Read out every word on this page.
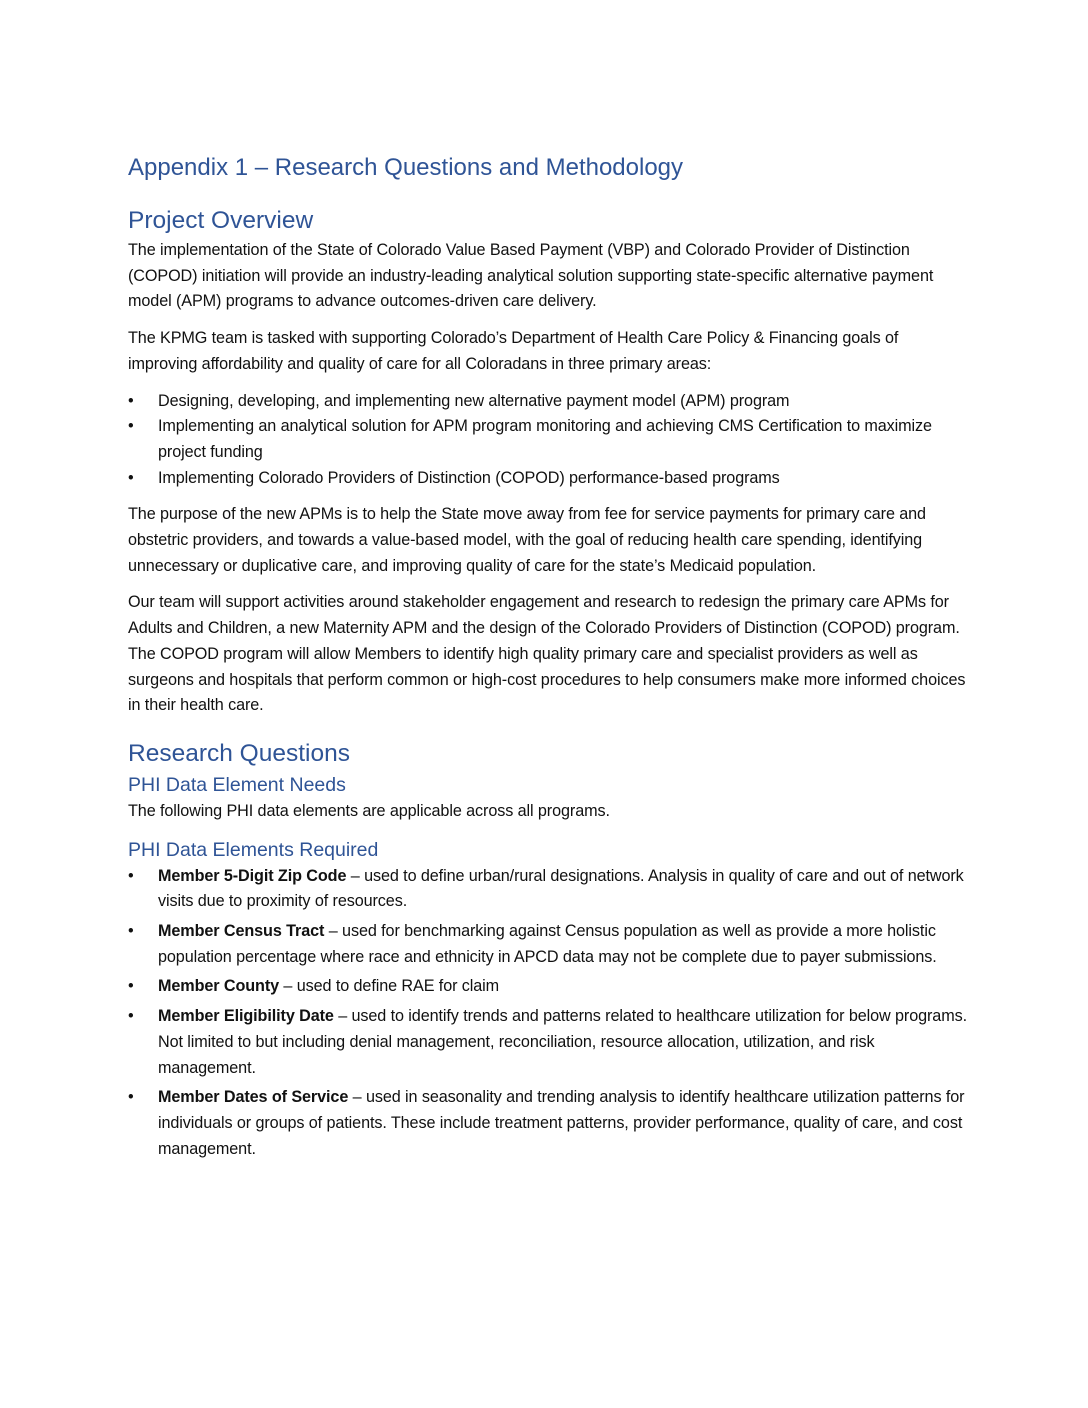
Appendix 1 – Research Questions and Methodology
Project Overview

The implementation of the State of Colorado Value Based Payment (VBP) and Colorado Provider of Distinction (COPOD) initiation will provide an industry-leading analytical solution supporting state-specific alternative payment model (APM) programs to advance outcomes-driven care delivery.

The KPMG team is tasked with supporting Colorado’s Department of Health Care Policy & Financing goals of improving affordability and quality of care for all Coloradans in three primary areas:

• Designing, developing, and implementing new alternative payment model (APM) program
• Implementing an analytical solution for APM program monitoring and achieving CMS Certification to maximize project funding
• Implementing Colorado Providers of Distinction (COPOD) performance-based programs

The purpose of the new APMs is to help the State move away from fee for service payments for primary care and obstetric providers, and towards a value-based model, with the goal of reducing health care spending, identifying unnecessary or duplicative care, and improving quality of care for the state’s Medicaid population.

Our team will support activities around stakeholder engagement and research to redesign the primary care APMs for Adults and Children, a new Maternity APM and the design of the Colorado Providers of Distinction (COPOD) program. The COPOD program will allow Members to identify high quality primary care and specialist providers as well as surgeons and hospitals that perform common or high-cost procedures to help consumers make more informed choices in their health care.

Research Questions
PHI Data Element Needs

The following PHI data elements are applicable across all programs.

PHI Data Elements Required
• Member 5-Digit Zip Code – used to define urban/rural designations. Analysis in quality of care and out of network visits due to proximity of resources.
• Member Census Tract – used for benchmarking against Census population as well as provide a more holistic population percentage where race and ethnicity in APCD data may not be complete due to payer submissions.
• Member County – used to define RAE for claim
• Member Eligibility Date – used to identify trends and patterns related to healthcare utilization for below programs. Not limited to but including denial management, reconciliation, resource allocation, utilization, and risk management.
• Member Dates of Service – used in seasonality and trending analysis to identify healthcare utilization patterns for individuals or groups of patients. These include treatment patterns, provider performance, quality of care, and cost management.
